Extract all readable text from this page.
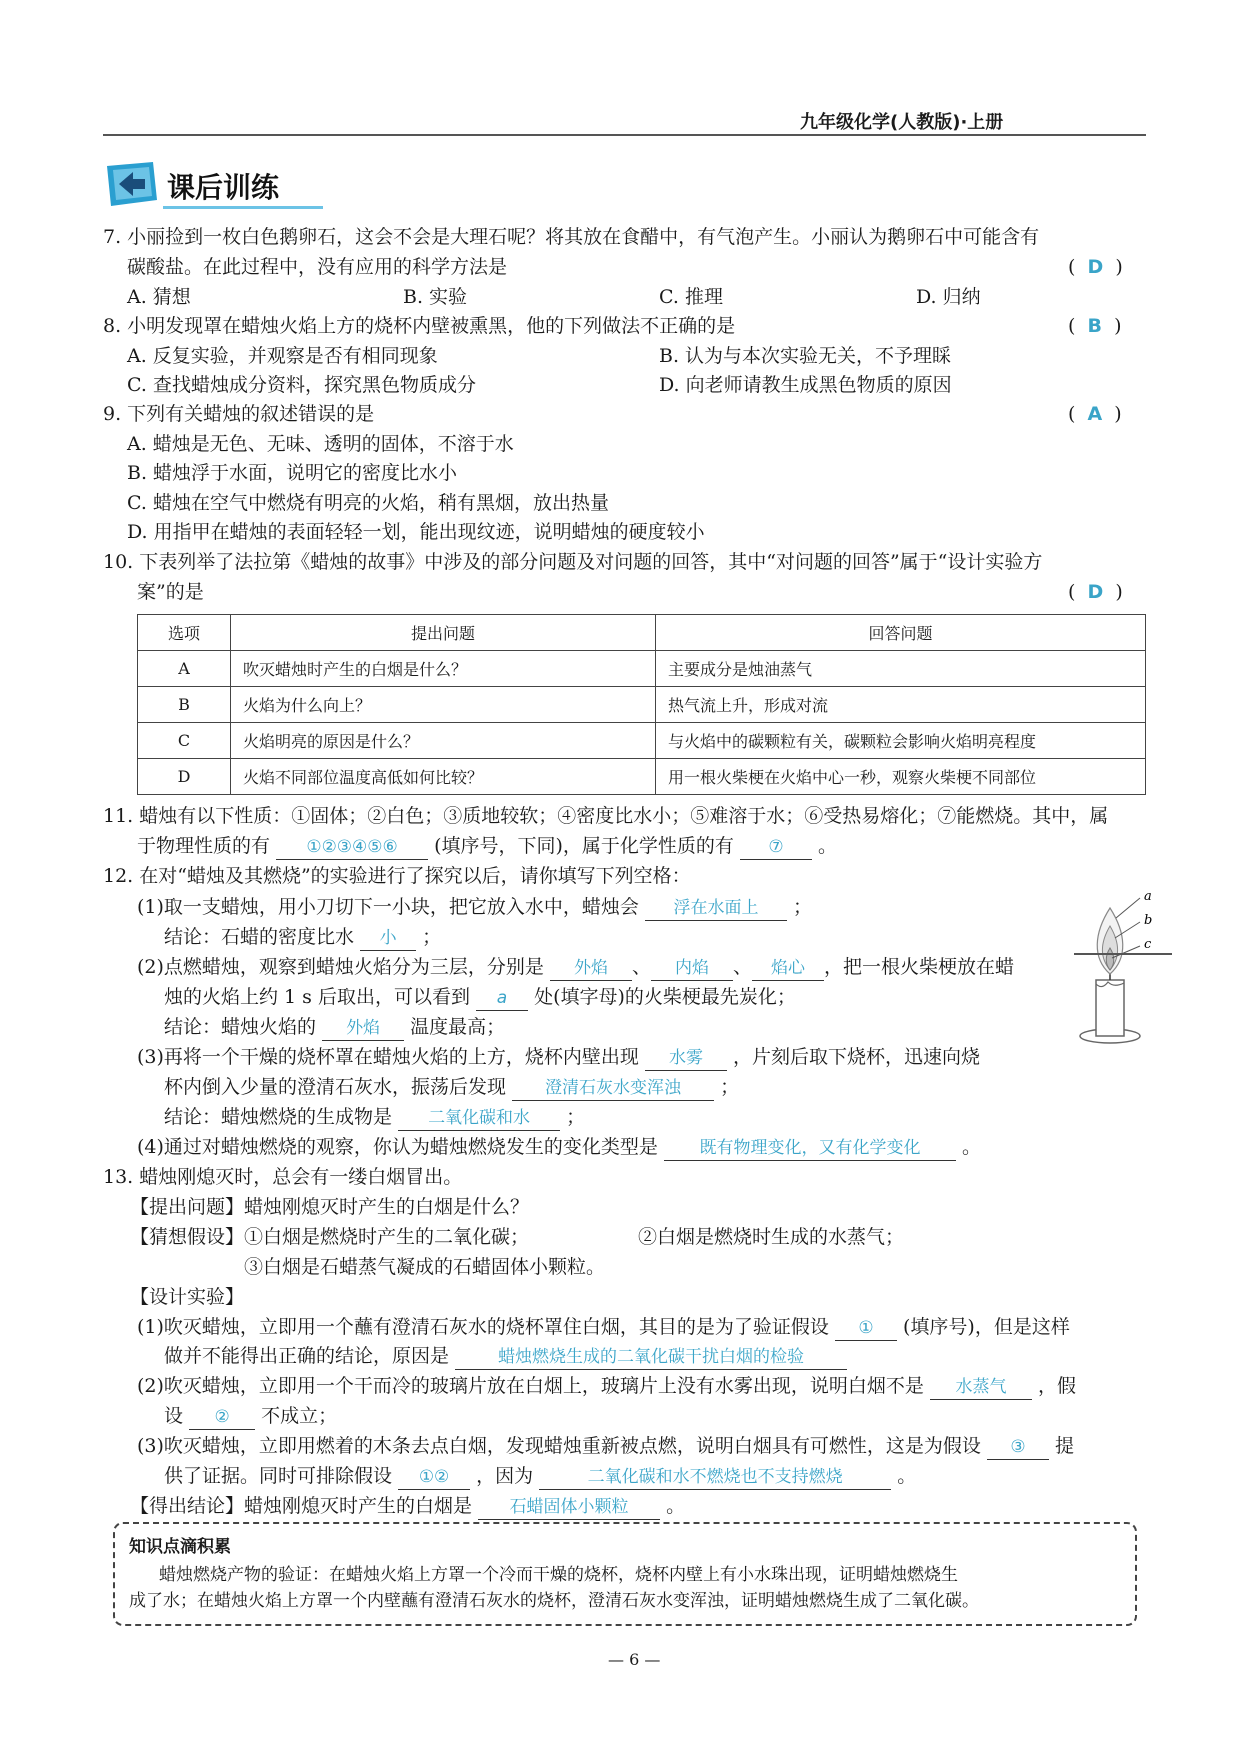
九年级化学(人教版)·上册
课后训练
7. 小丽捡到一枚白色鹅卵石，这会不会是大理石呢？将其放在食醋中，有气泡产生。小丽认为鹅卵石中可能含有
碳酸盐。在此过程中，没有应用的科学方法是	(  D  )
A. 猜想	B. 实验	C. 推理	D. 归纳
8. 小明发现罩在蜡烛火焰上方的烧杯内壁被熏黑，他的下列做法不正确的是	(  B  )
A. 反复实验，并观察是否有相同现象	B. 认为与本次实验无关，不予理睬
C. 查找蜡烛成分资料，探究黑色物质成分	D. 向老师请教生成黑色物质的原因
9. 下列有关蜡烛的叙述错误的是	(  A  )
A. 蜡烛是无色、无味、透明的固体，不溶于水
B. 蜡烛浮于水面，说明它的密度比水小
C. 蜡烛在空气中燃烧有明亮的火焰，稍有黑烟，放出热量
D. 用指甲在蜡烛的表面轻轻一划，能出现纹迹，说明蜡烛的硬度较小
10. 下表列举了法拉第《蜡烛的故事》中涉及的部分问题及对问题的回答，其中“对问题的回答”属于“设计实验方
案”的是	(  D  )
选项	提出问题	回答问题
A	吹灭蜡烛时产生的白烟是什么？	主要成分是烛油蒸气
B	火焰为什么向上？	热气流上升，形成对流
C	火焰明亮的原因是什么？	与火焰中的碳颗粒有关，碳颗粒会影响火焰明亮程度
D	火焰不同部位温度高低如何比较？	用一根火柴梗在火焰中心一秒，观察火柴梗不同部位
11. 蜡烛有以下性质：①固体；②白色；③质地较软；④密度比水小；⑤难溶于水；⑥受热易熔化；⑦能燃烧。其中，属
于物理性质的有 ①②③④⑤⑥ (填序号，下同)，属于化学性质的有 ⑦ 。
12. 在对“蜡烛及其燃烧”的实验进行了探究以后，请你填写下列空格：
(1)取一支蜡烛，用小刀切下一小块，把它放入水中，蜡烛会 浮在水面上 ；
结论：石蜡的密度比水 小 ；
(2)点燃蜡烛，观察到蜡烛火焰分为三层，分别是 外焰 、 内焰 、 焰心 ，把一根火柴梗放在蜡
烛的火焰上约 1 s 后取出，可以看到 a 处(填字母)的火柴梗最先炭化；
结论：蜡烛火焰的 外焰 温度最高；
(3)再将一个干燥的烧杯罩在蜡烛火焰的上方，烧杯内壁出现 水雾 ，片刻后取下烧杯，迅速向烧
杯内倒入少量的澄清石灰水，振荡后发现 澄清石灰水变浑浊 ；
结论：蜡烛燃烧的生成物是 二氧化碳和水 ；
(4)通过对蜡烛燃烧的观察，你认为蜡烛燃烧发生的变化类型是 既有物理变化，又有化学变化 。
a
b
c
13. 蜡烛刚熄灭时，总会有一缕白烟冒出。
【提出问题】蜡烛刚熄灭时产生的白烟是什么？
【猜想假设】①白烟是燃烧时产生的二氧化碳；	②白烟是燃烧时生成的水蒸气；
③白烟是石蜡蒸气凝成的石蜡固体小颗粒。
【设计实验】
(1)吹灭蜡烛，立即用一个蘸有澄清石灰水的烧杯罩住白烟，其目的是为了验证假设 ① (填序号)，但是这样
做并不能得出正确的结论，原因是	蜡烛燃烧生成的二氧化碳干扰白烟的检验
(2)吹灭蜡烛，立即用一个干而冷的玻璃片放在白烟上，玻璃片上没有水雾出现，说明白烟不是 水蒸气 ，假
设 ② 不成立；
(3)吹灭蜡烛，立即用燃着的木条去点白烟，发现蜡烛重新被点燃，说明白烟具有可燃性，这是为假设 ③ 提
供了证据。同时可排除假设 ①② ，因为	二氧化碳和水不燃烧也不支持燃烧	。
【得出结论】蜡烛刚熄灭时产生的白烟是 石蜡固体小颗粒 。
知识点滴积累
蜡烛燃烧产物的验证：在蜡烛火焰上方罩一个冷而干燥的烧杯，烧杯内壁上有小水珠出现，证明蜡烛燃烧生
成了水；在蜡烛火焰上方罩一个内壁蘸有澄清石灰水的烧杯，澄清石灰水变浑浊，证明蜡烛燃烧生成了二氧化碳。
— 6 —
